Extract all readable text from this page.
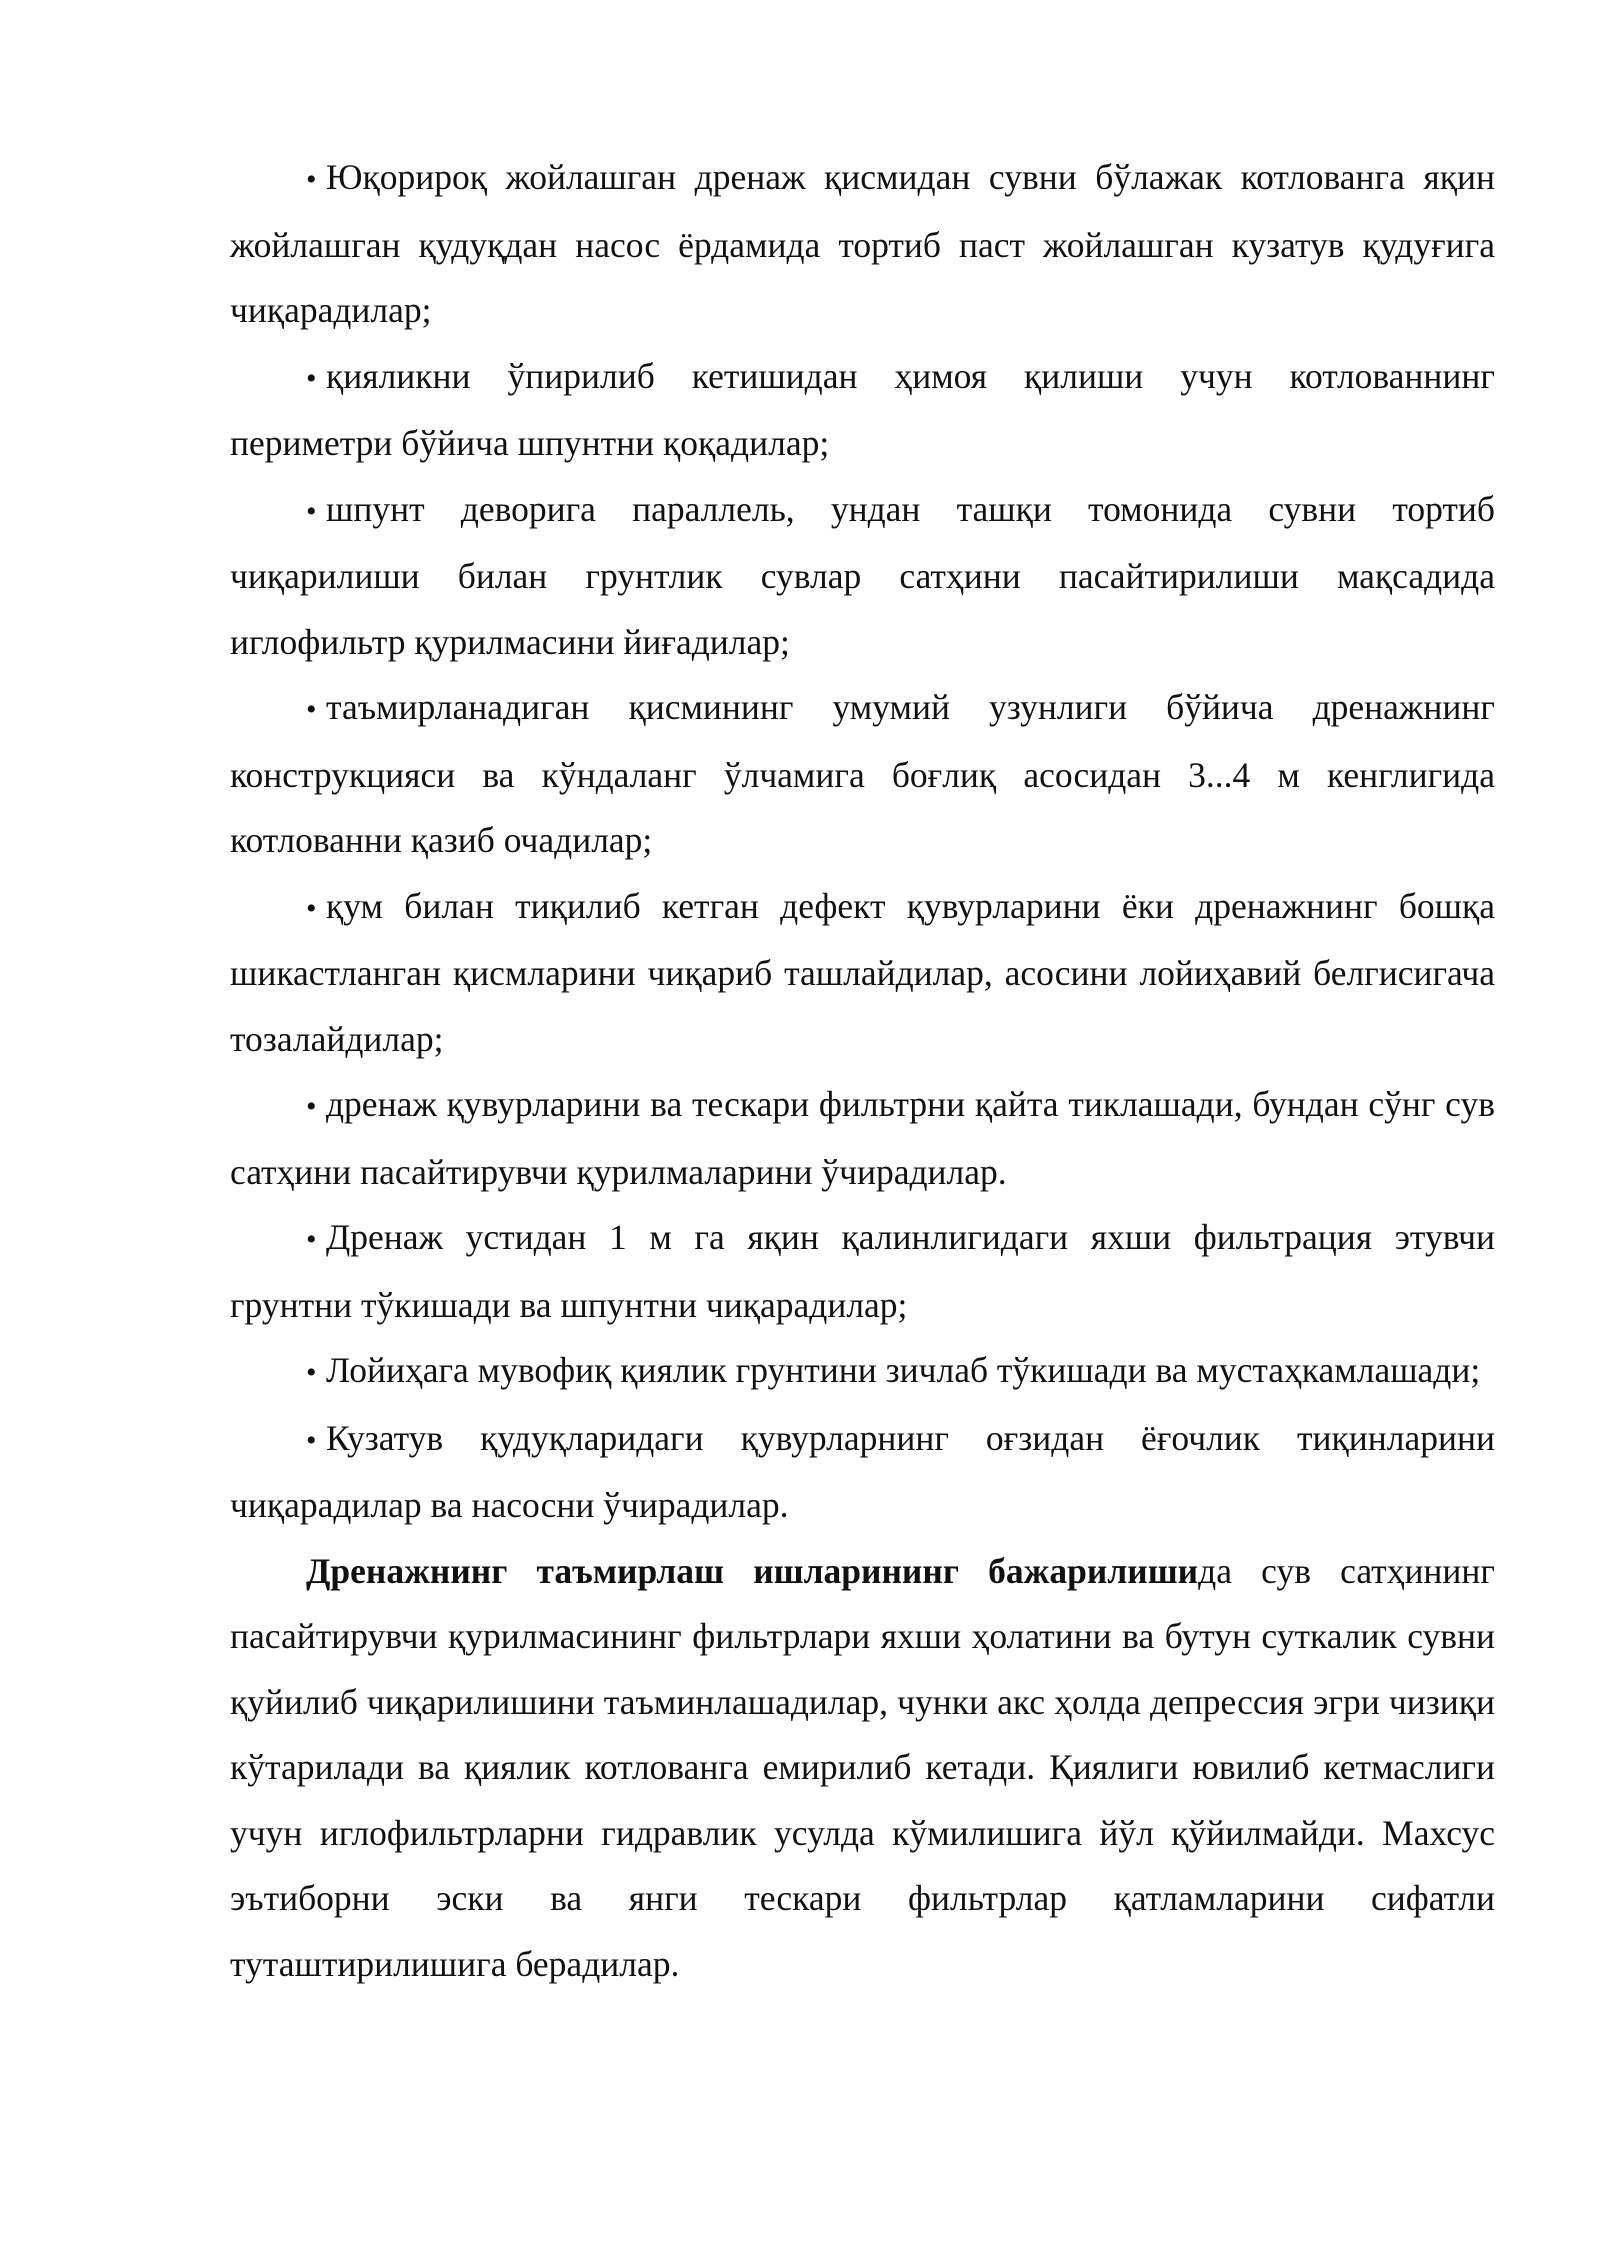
• Юқорироқ жойлашган дренаж қисмидан сувни бўлажак котлованга яқин жойлашган қудуқдан насос ёрдамида тортиб паст жойлашган кузатув қудуғига чиқарадилар;

• қияликни ўпирилиб кетишидан ҳимоя қилиши учун котлованнинг периметри бўйича шпунтни қоқадилар;

• шпунт деворига параллель, ундан ташқи томонида сувни тортиб чиқарилиши билан грунтлик сувлар сатҳини пасайтирилиши мақсадида иглофильтр қурилмасини йиғадилар;

• таъмирланадиган қисмининг умумий узунлиги бўйича дренажнинг конструкцияси ва кўндаланг ўлчамига боғлиқ асосидан 3...4 м кенглигида котлованни қазиб очадилар;

• қум билан тиқилиб кетган дефект қувурларини ёки дренажнинг бошқа шикастланган қисмларини чиқариб ташлайдилар, асосини лойиҳавий белгисигача тозалайдилар;

• дренаж қувурларини ва тескари фильтрни қайта тиклашади, бундан сўнг сув сатҳини пасайтирувчи қурилмаларини ўчирадилар.

• Дренаж устидан 1 м га яқин қалинлигидаги яхши фильтрация этувчи грунтни тўкишади ва шпунтни чиқарадилар;

• Лойиҳага мувофиқ қиялик грунтини зичлаб тўкишади ва мустаҳкамлашади;

• Кузатув қудуқларидаги қувурларнинг оғзидан ёғочлик тиқинларини чиқарадилар ва насосни ўчирадилар.

Дренажнинг таъмирлаш ишларининг бажарилишида сув сатҳининг пасайтирувчи қурилмасининг фильтрлари яхши ҳолатини ва бутун суткалик сувни қуйилиб чиқарилишини таъминлашадилар, чунки акс ҳолда депрессия эгри чизиқи кўтарилади ва қиялик котлованга емирилиб кетади. Қиялиги ювилиб кетмаслиги учун иглофильтрларни гидравлик усулда кўмилишига йўл қўйилмайди. Махсус эътиборни эски ва янги тескари фильтрлар қатламларини сифатли туташтирилишига берадилар.
